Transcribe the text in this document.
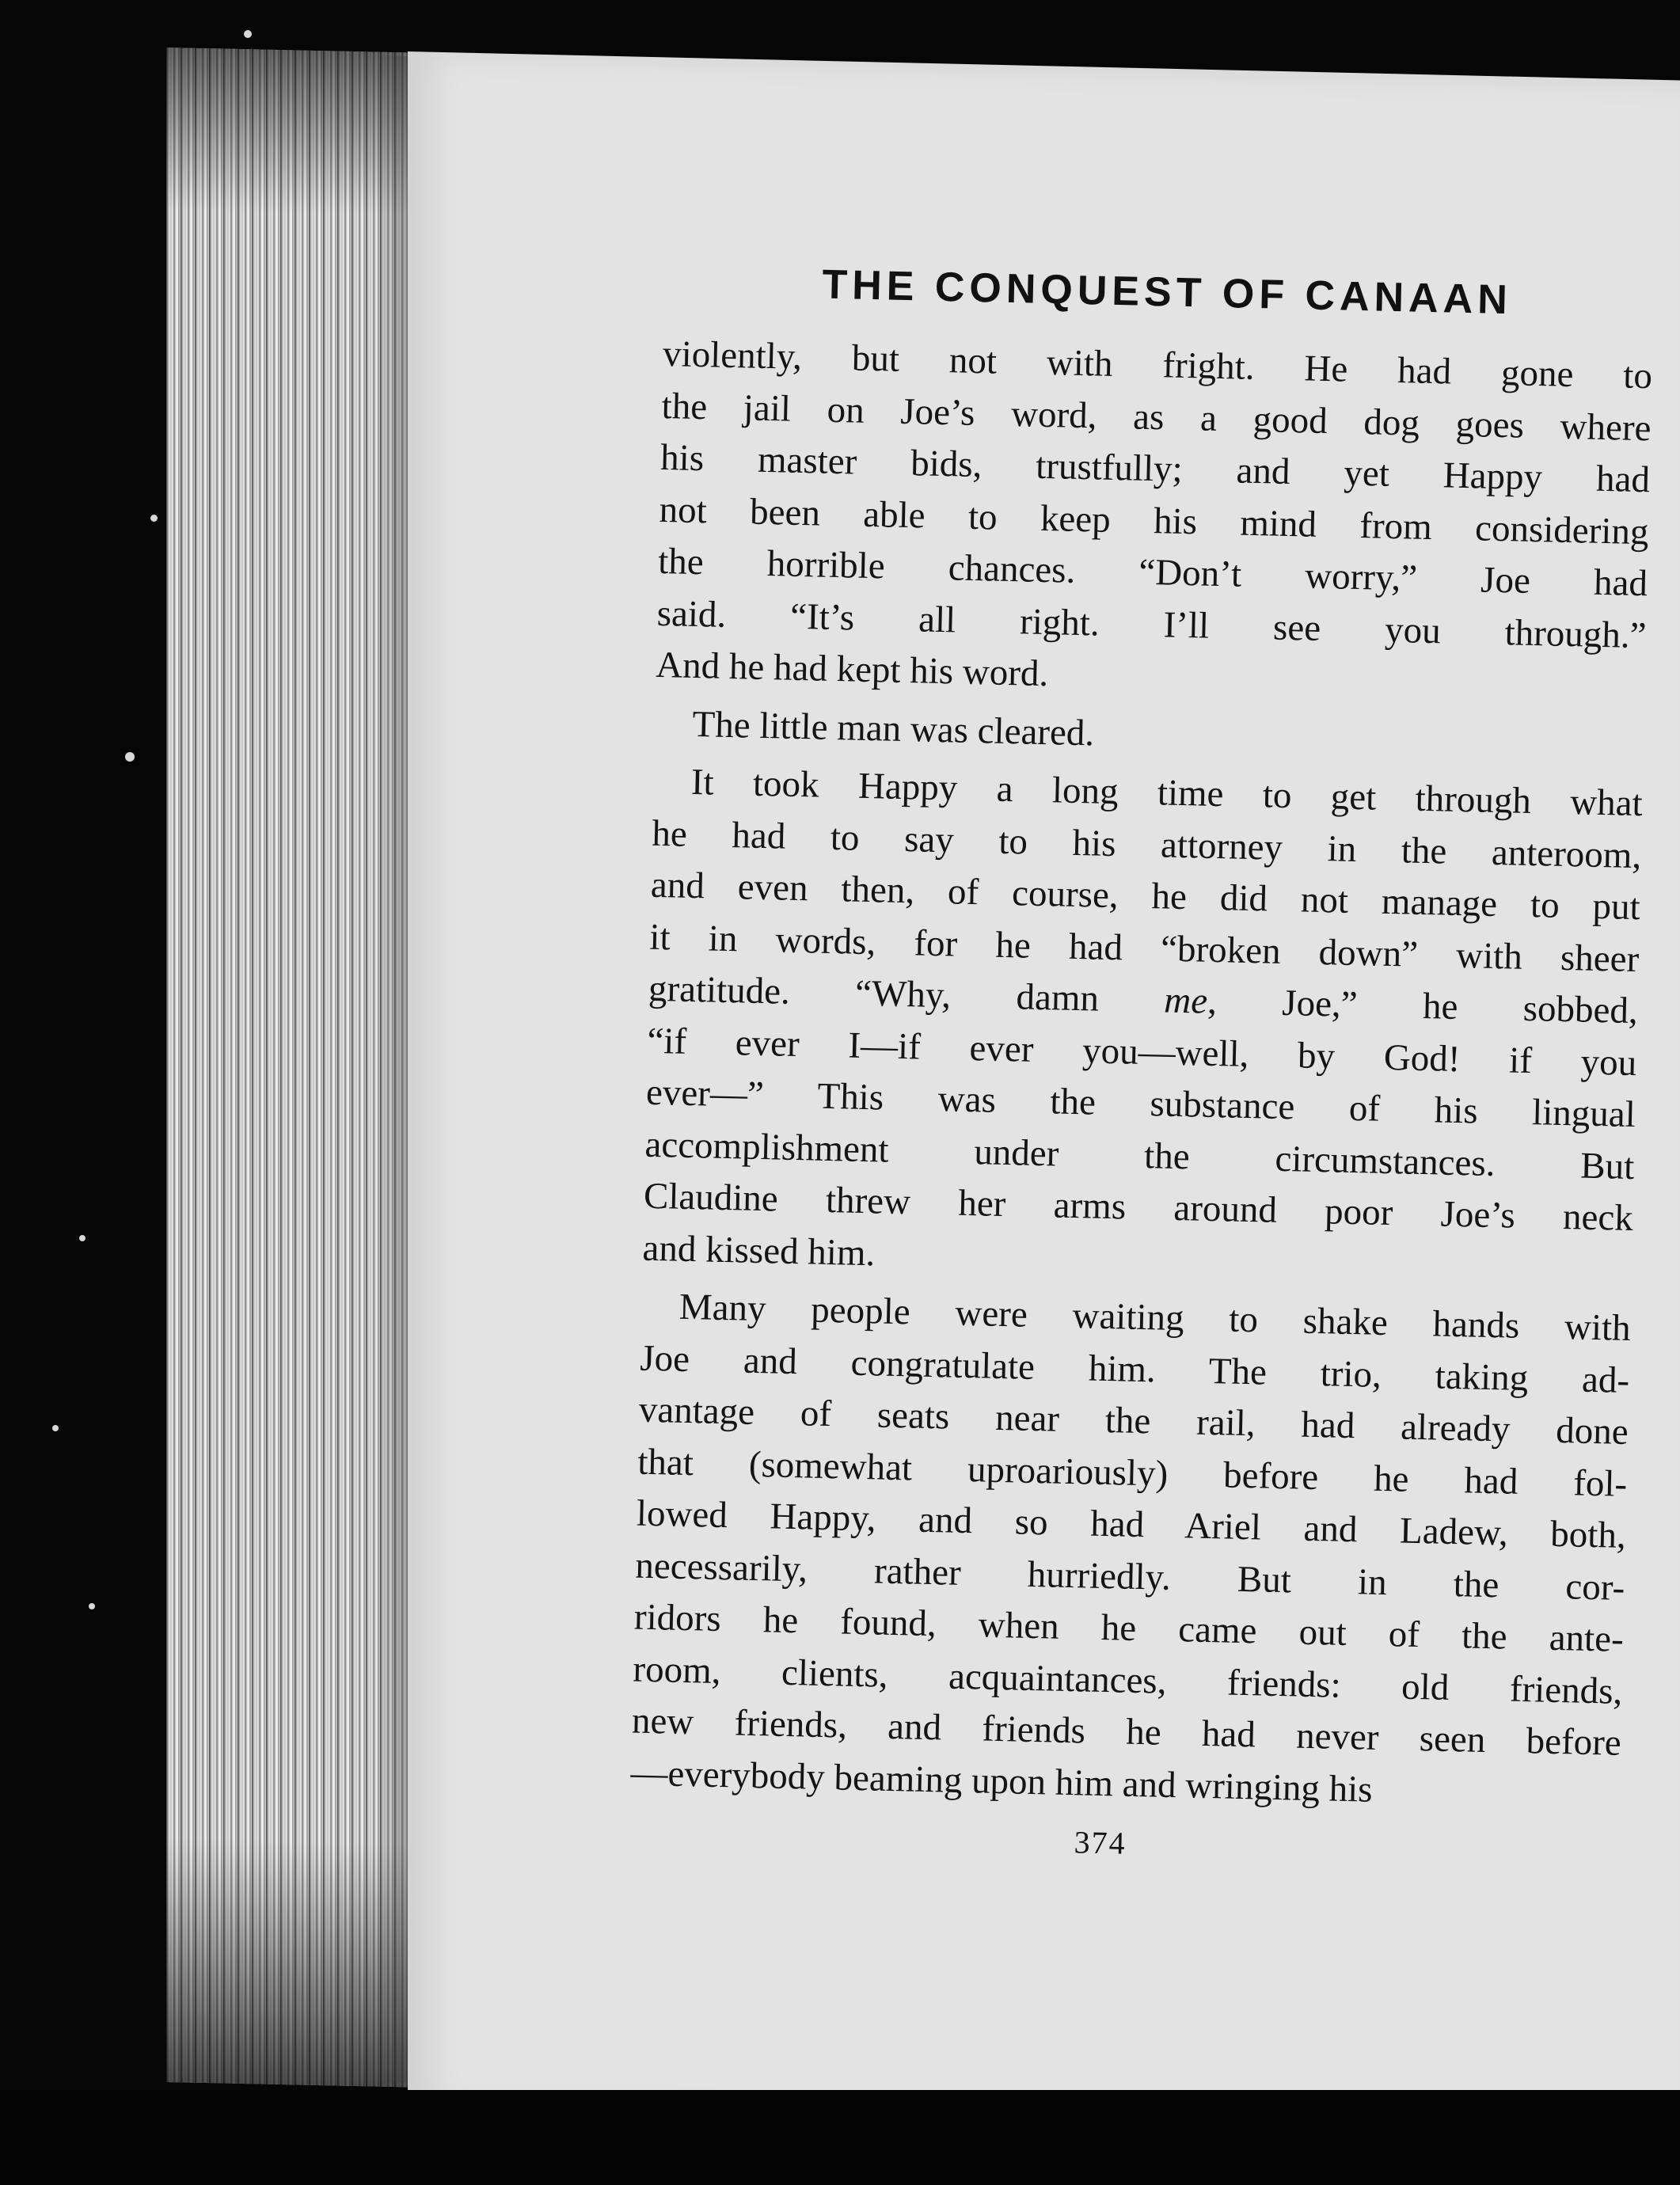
THE CONQUEST OF CANAAN
violently, but not with fright. He had gone to
the jail on Joe’s word, as a good dog goes where
his master bids, trustfully; and yet Happy had
not been able to keep his mind from considering
the horrible chances. “Don’t worry,” Joe had
said. “It’s all right. I’ll see you through.”
And he had kept his word.
The little man was cleared.
It took Happy a long time to get through what
he had to say to his attorney in the anteroom,
and even then, of course, he did not manage to put
it in words, for he had “broken down” with sheer
gratitude. “Why, damn me, Joe,” he sobbed,
“if ever I—if ever you—well, by God! if you
ever—” This was the substance of his lingual
accomplishment under the circumstances. But
Claudine threw her arms around poor Joe’s neck
and kissed him.
Many people were waiting to shake hands with
Joe and congratulate him. The trio, taking ad-
vantage of seats near the rail, had already done
that (somewhat uproariously) before he had fol-
lowed Happy, and so had Ariel and Ladew, both,
necessarily, rather hurriedly. But in the cor-
ridors he found, when he came out of the ante-
room, clients, acquaintances, friends: old friends,
new friends, and friends he had never seen before
—everybody beaming upon him and wringing his
374
